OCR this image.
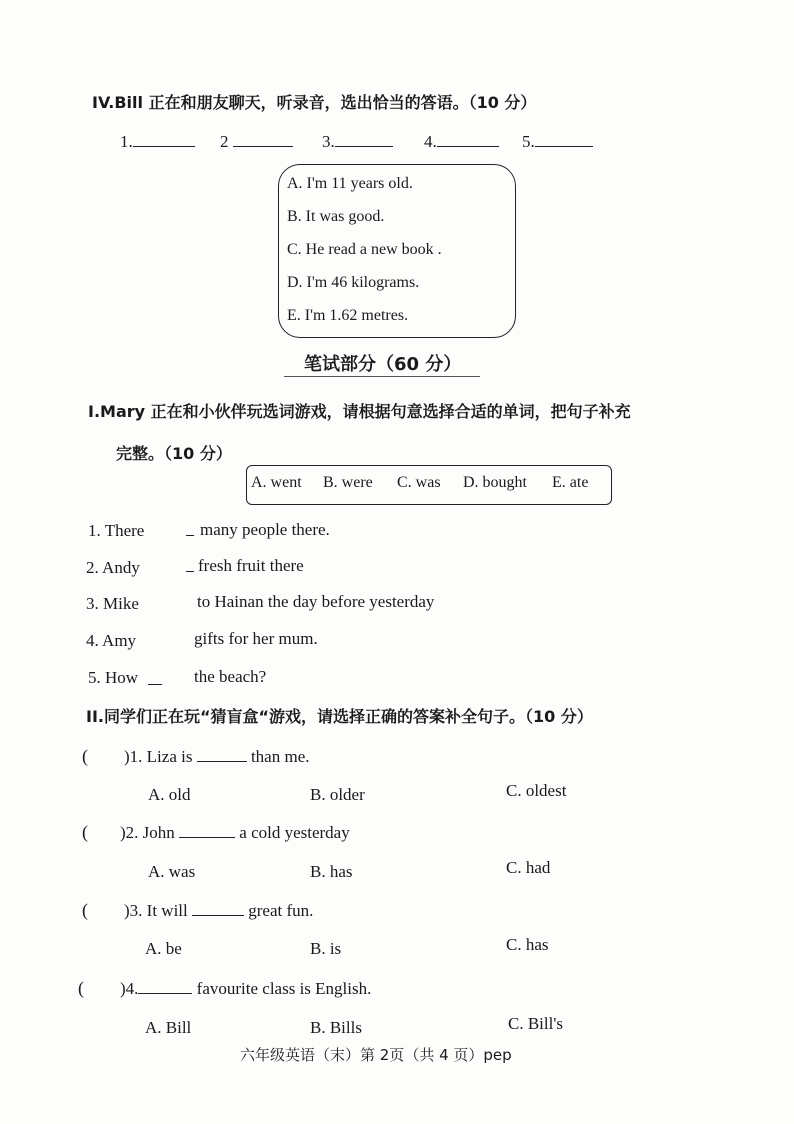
IV.Bill 正在和朋友聊天，听录音，选出恰当的答语。（10 分）
1.	2	3.	4.	5.
A. I'm 11 years old.
B. It was good.
C. He read a new book .
D. I'm 46 kilograms.
E. I'm 1.62 metres.
笔试部分（60 分）
I.Mary 正在和小伙伴玩选词游戏，请根据句意选择合适的单词，把句子补充
完整。（10 分）
A. went B. were C. was D. bought E. ate
1. There	many people there.
2. Andy	fresh fruit there
3. Mike	to Hainan the day before yesterday
4. Amy	gifts for her mum.
5. How	the beach?
II.同学们正在玩“猜盲盒“游戏，请选择正确的答案补全句子。（10 分）
( )1. Liza is	than me.
A. old	B. older	C. oldest
( )2. John	a cold yesterday
A. was	B. has	C. had
( )3. It will	great fun.
A. be	B. is	C. has
( )4.	favourite class is English.
A. Bill	B. Bills	C. Bill's
六年级英语（末）第 2页（共 4 页）pep
